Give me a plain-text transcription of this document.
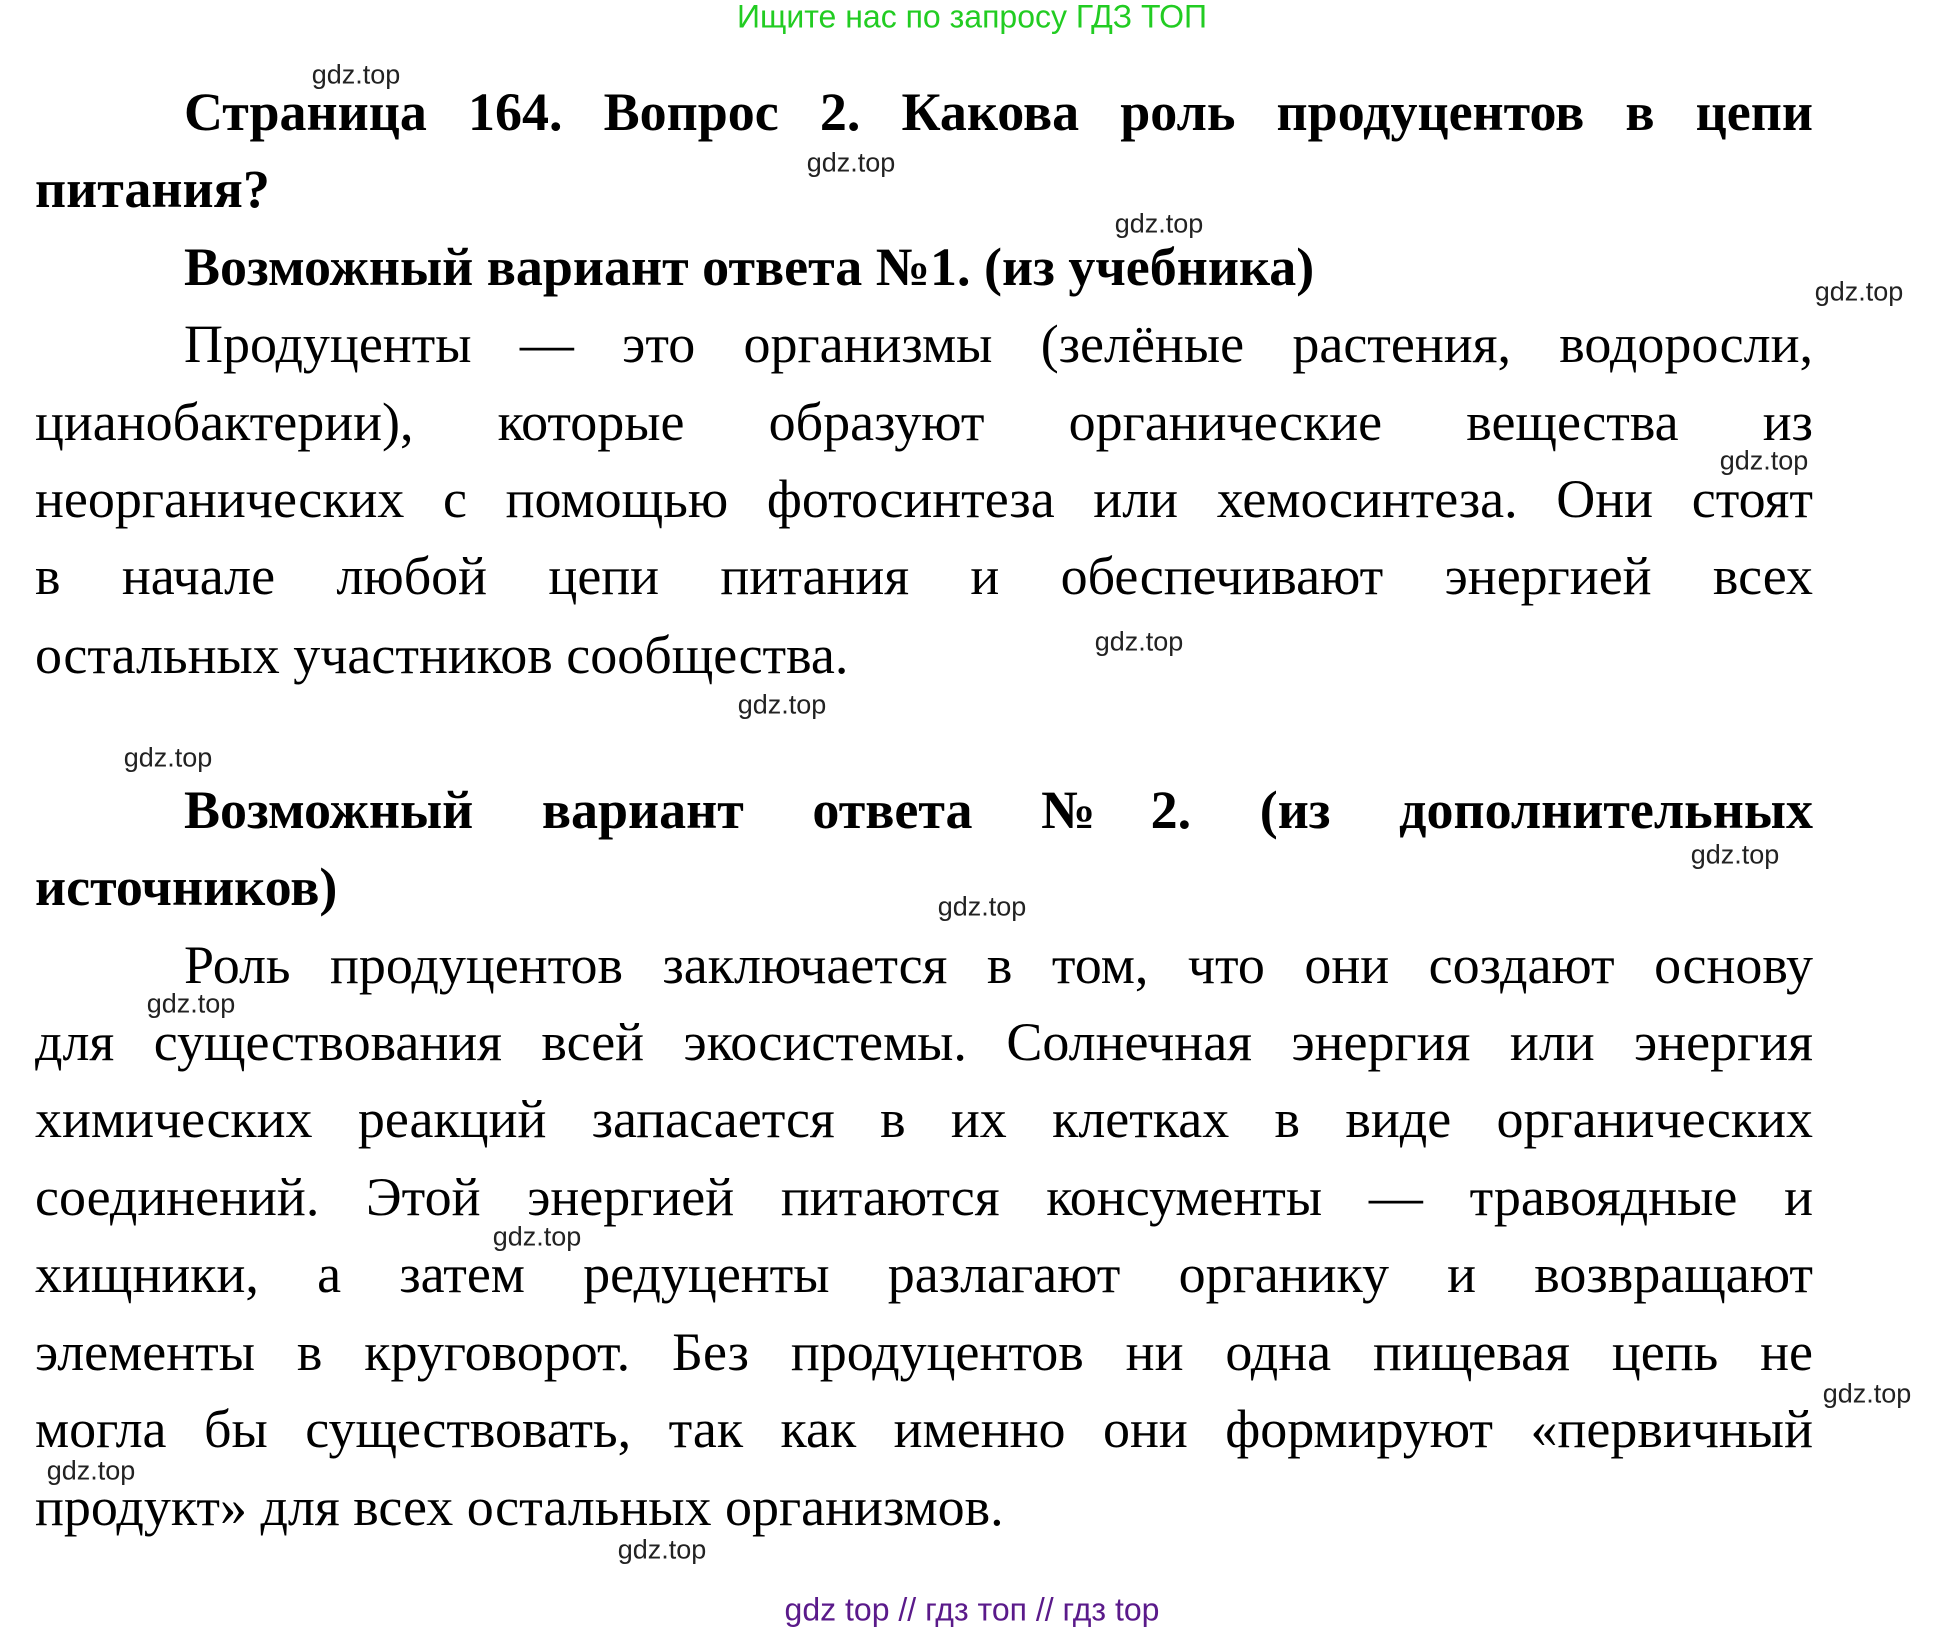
Ищите нас по запросу ГДЗ ТОП
Страница 164. Вопрос 2. Какова роль продуцентов в цепи
питания?
Возможный вариант ответа №1. (из учебника)
Продуценты — это организмы (зелёные растения, водоросли,
цианобактерии), которые образуют органические вещества из
неорганических с помощью фотосинтеза или хемосинтеза. Они стоят
в начале любой цепи питания и обеспечивают энергией всех
остальных участников сообщества.
Возможный вариант ответа №2. (из дополнительных
источников)
Роль продуцентов заключается в том, что они создают основу
для существования всей экосистемы. Солнечная энергия или энергия
химических реакций запасается в их клетках в виде органических
соединений. Этой энергией питаются консументы — травоядные и
хищники, а затем редуценты разлагают органику и возвращают
элементы в круговорот. Без продуцентов ни одна пищевая цепь не
могла бы существовать, так как именно они формируют «первичный
продукт» для всех остальных организмов.
gdz.top
gdz.top
gdz.top
gdz.top
gdz.top
gdz.top
gdz.top
gdz.top
gdz.top
gdz.top
gdz.top
gdz.top
gdz.top
gdz.top
gdz.top
gdz top // гдз топ // гдз top
